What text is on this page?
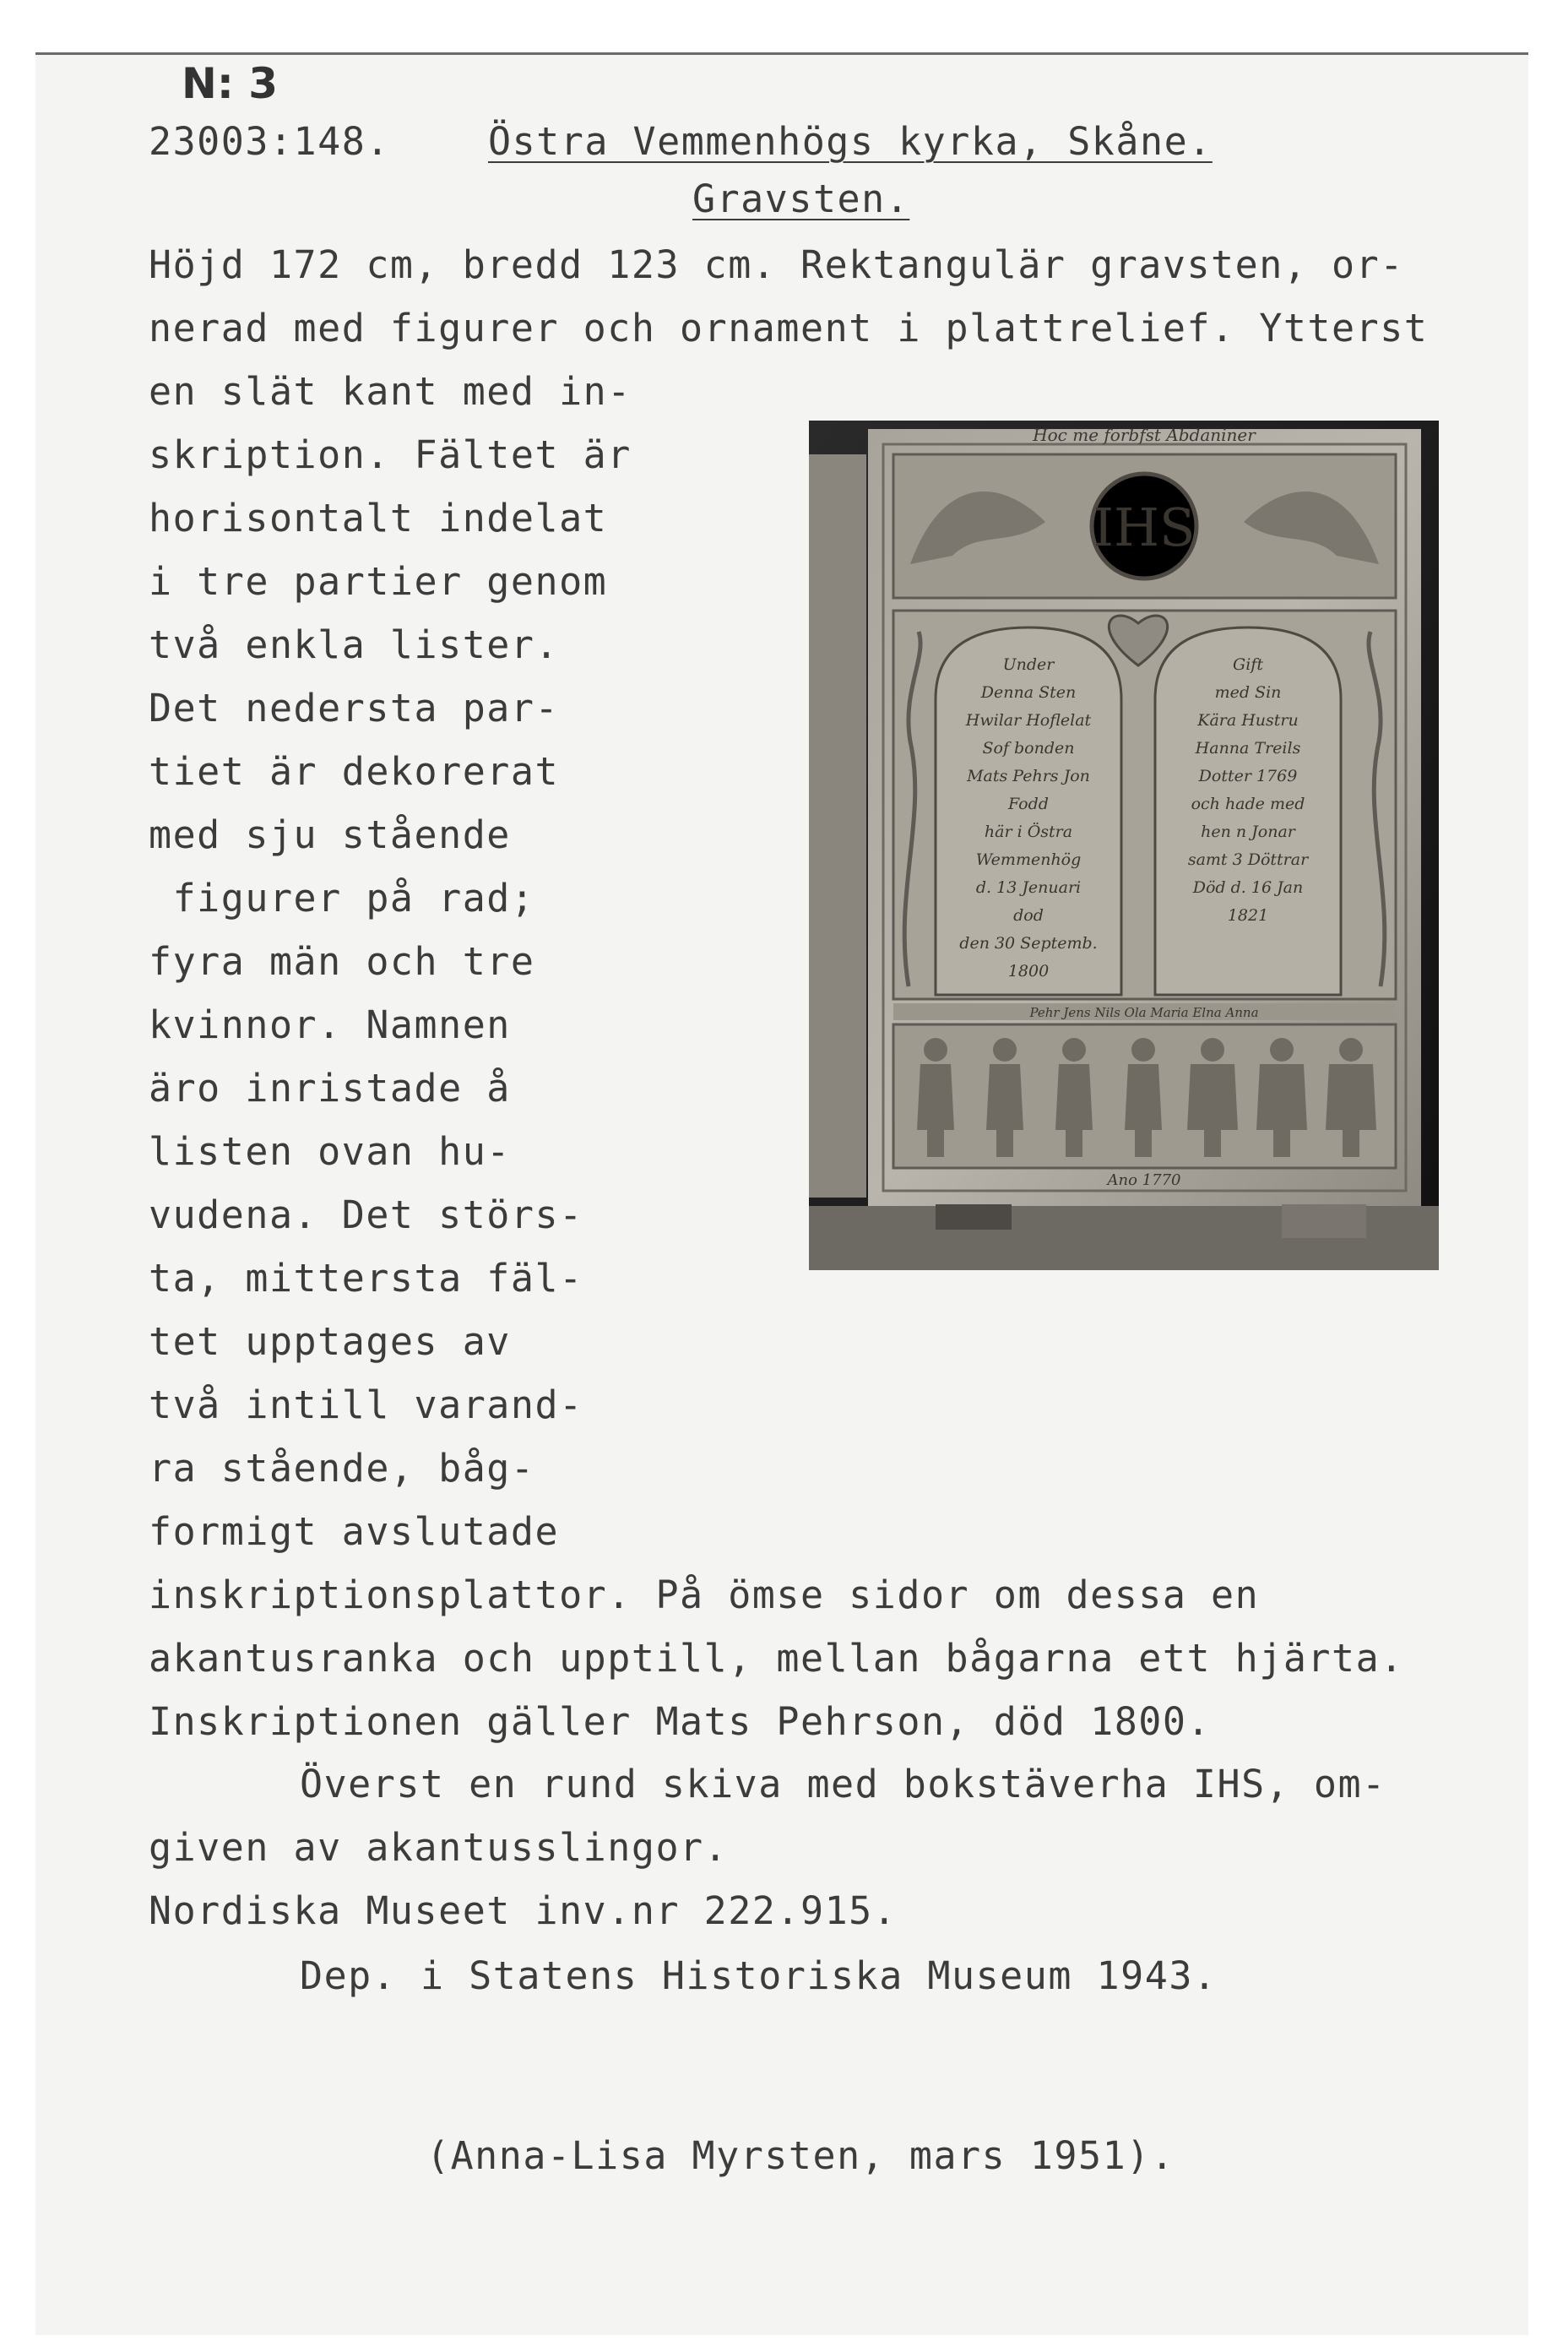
N: 3
23003:148.	Östra Vemmenhögs kyrka, Skåne.
Gravsten.
Höjd 172 cm, bredd 123 cm. Rektangulär gravsten, or-
nerad med figurer och ornament i plattrelief. Ytterst
en slät kant med in-
skription. Fältet är
horisontalt indelat
i tre partier genom
två enkla lister.
Det nedersta par-
tiet är dekorerat
med sju stående
figurer på rad;
fyra män och tre
kvinnor. Namnen
äro inristade å
listen ovan hu-
vudena. Det störs-
ta, mittersta fäl-
tet upptages av
två intill varand-
ra stående, båg-
formigt avslutade
inskriptionsplattor. På ömse sidor om dessa en
akantusranka och upptill, mellan bågarna ett hjärta.
Inskriptionen gäller Mats Pehrson, död 1800.
Överst en rund skiva med bokstäverha IHS, om-
given av akantusslingor.
Nordiska Museet inv.nr 222.915.
Dep. i Statens Historiska Museum 1943.
(Anna-Lisa Myrsten, mars 1951).
Hoc me forbfst Abdaniner
IHS
Under
Denna Sten
Hwilar Hoflelat
Sof bonden
Mats Pehrs Jon
Fodd
här i Östra
Wemmenhög
d. 13 Jenuari
dod
den 30 Septemb.
1800
Gift
med Sin
Kära Hustru
Hanna Treils
Dotter 1769
och hade med
hen n Jonar
samt 3 Döttrar
Död d. 16 Jan
1821
Pehr Jens Nils Ola Maria Elna Anna
Ano 1770
